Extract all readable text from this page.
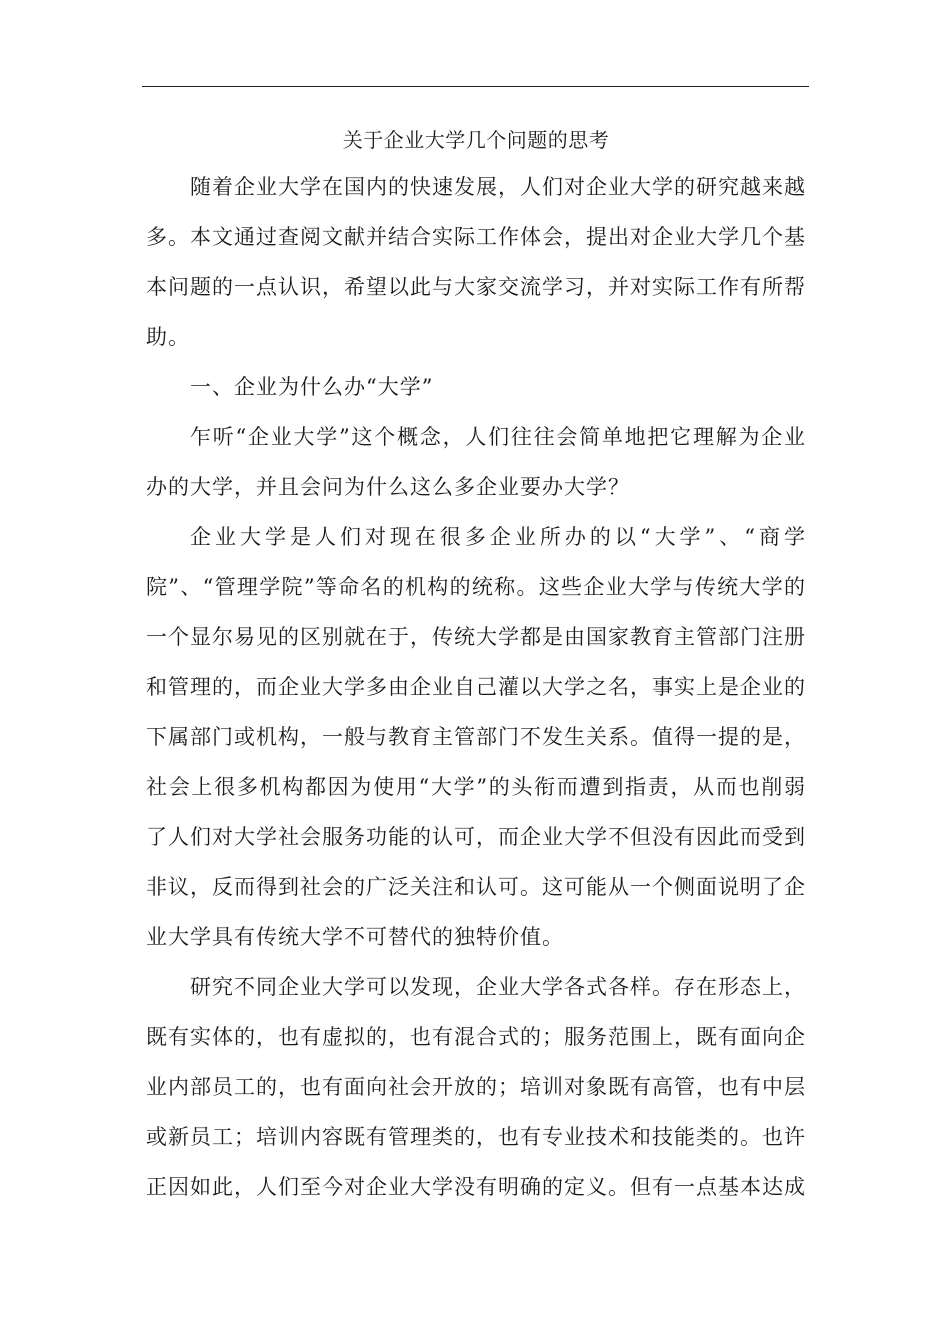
关于企业大学几个问题的思考

随着企业大学在国内的快速发展，人们对企业大学的研究越来越多。本文通过查阅文献并结合实际工作体会，提出对企业大学几个基本问题的一点认识，希望以此与大家交流学习，并对实际工作有所帮助。

一、企业为什么办“大学”

乍听“企业大学”这个概念，人们往往会简单地把它理解为企业办的大学，并且会问为什么这么多企业要办大学？

企业大学是人们对现在很多企业所办的以“大学”、“商学院”、“管理学院”等命名的机构的统称。这些企业大学与传统大学的一个显尔易见的区别就在于，传统大学都是由国家教育主管部门注册和管理的，而企业大学多由企业自己灌以大学之名，事实上是企业的下属部门或机构，一般与教育主管部门不发生关系。值得一提的是，社会上很多机构都因为使用“大学”的头衔而遭到指责，从而也削弱了人们对大学社会服务功能的认可，而企业大学不但没有因此而受到非议，反而得到社会的广泛关注和认可。这可能从一个侧面说明了企业大学具有传统大学不可替代的独特价值。

研究不同企业大学可以发现，企业大学各式各样。存在形态上，既有实体的，也有虚拟的，也有混合式的；服务范围上，既有面向企业内部员工的，也有面向社会开放的；培训对象既有高管，也有中层或新员工；培训内容既有管理类的，也有专业技术和技能类的。也许正因如此，人们至今对企业大学没有明确的定义。但有一点基本达成
